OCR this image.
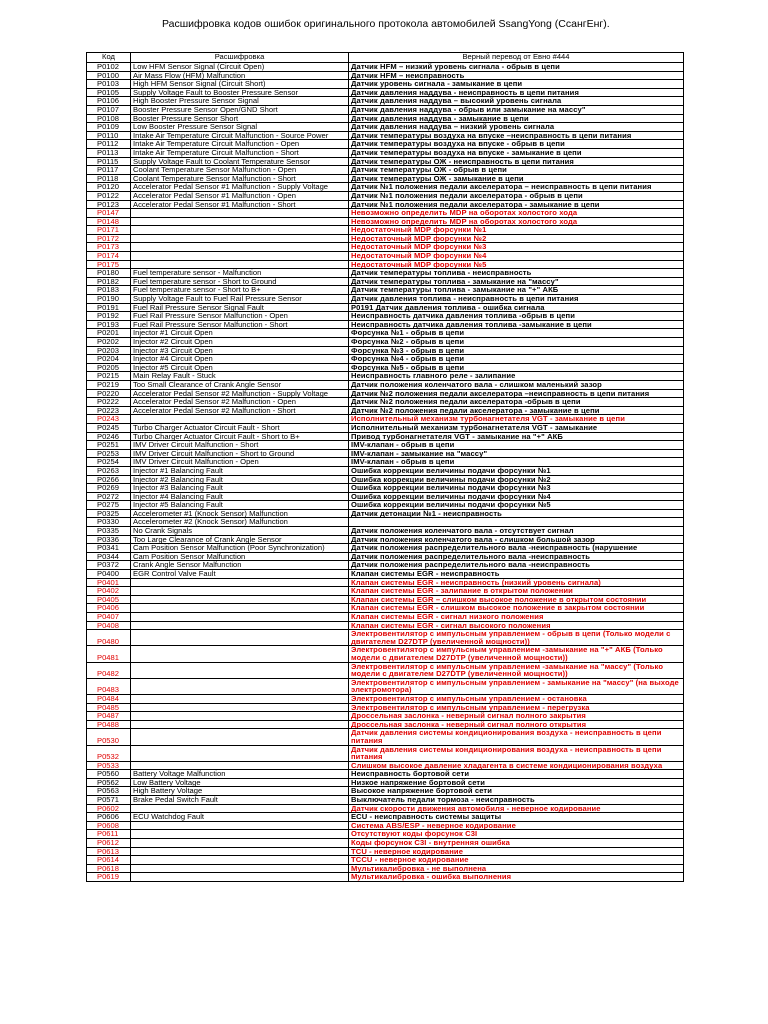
Расшифровка кодов ошибок оригинального протокола автомобилей SsangYong (СсангЕнг).
Код	Расшифровка	Верный перевод от Евно #444
P0102	Low HFM Sensor Signal (Circuit Open)	Датчик HFM – низкий уровень сигнала - обрыв в цепи
P0100	Air Mass Flow (HFM) Malfunction	Датчик HFM – неисправность
P0103	High HFM Sensor Signal (Circuit Short)	Датчик уровень сигнала - замыкание в цепи
P0105	Supply Voltage Fault to Booster Pressure Sensor	Датчик давления наддува - неисправность в цепи питания
P0106	High Booster Pressure Sensor Signal	Датчик давления наддува – высокий уровень сигнала
P0107	Booster Pressure Sensor Open/GND Short	Датчик давления наддува - обрыв или замыкание на массу"
P0108	Booster Pressure Sensor Short	Датчик давления наддува - замыкание в цепи
P0109	Low Booster Pressure Sensor Signal	Датчик давления наддува – низкий уровень сигнала
P0110	Intake Air Temperature Circuit Malfunction - Source Power	Датчик температуры воздуха на впуске –неисправность в цепи питания
P0112	Intake Air Temperature Circuit Malfunction - Open	Датчик температуры воздуха на впуске - обрыв в цепи
P0113	Intake Air Temperature Circuit Malfunction - Short	Датчик температуры воздуха на впуске - замыкание в цепи
P0115	Supply Voltage Fault to Coolant Temperature Sensor	Датчик температуры ОЖ - неисправность в цепи питания
P0117	Coolant Temperature Sensor Malfunction - Open	Датчик температуры ОЖ - обрыв в цепи
P0118	Coolant Temperature Sensor Malfunction - Short	Датчик температуры ОЖ - замыкание в цепи
P0120	Accelerator Pedal Sensor #1 Malfunction - Supply Voltage	Датчик №1 положения педали акселератора – неисправность в цепи питания
P0122	Accelerator Pedal Sensor #1 Malfunction - Open	Датчик №1 положения педали акселератора - обрыв в цепи
P0123	Accelerator Pedal Sensor #1 Malfunction - Short	Датчик №1 положения педали акселератора - замыкание в цепи
P0147		Невозможно определить MDP на оборотах холостого хода
P0148		Невозможно определить MDP на оборотах холостого хода
P0171		Недостаточный MDP форсунки №1
P0172		Недостаточный MDP форсунки №2
P0173		Недостаточный MDP форсунки №3
P0174		Недостаточный MDP форсунки №4
P0175		Недостаточный MDP форсунки №5
P0180	Fuel temperature sensor - Malfunction	Датчик температуры топлива - неисправность
P0182	Fuel temperature sensor - Short to Ground	Датчик температуры топлива - замыкание на "массу"
P0183	Fuel temperature sensor - Short to B+	Датчик температуры топлива - замыкание на "+" АКБ
P0190	Supply Voltage Fault to Fuel Rail Pressure Sensor	Датчик давления топлива - неисправность в цепи питания
P0191	Fuel Rail Pressure Sensor Signal Fault	P0191 Датчик давления топлива - ошибка сигнала
P0192	Fuel Rail Pressure Sensor Malfunction - Open	Неисправность датчика давления топлива -обрыв в цепи
P0193	Fuel Rail Pressure Sensor Malfunction - Short	Неисправность датчика давления топлива -замыкание в цепи
P0201	Injector #1 Circuit Open	Форсунка №1 - обрыв в цепи
P0202	Injector #2 Circuit Open	Форсунка №2 - обрыв в цепи
P0203	Injector #3 Circuit Open	Форсунка №3 - обрыв в цепи
P0204	Injector #4 Circuit Open	Форсунка №4 - обрыв в цепи
P0205	Injector #5 Circuit Open	Форсунка №5 - обрыв в цепи
P0215	Main Relay Fault - Stuck	Неисправность главного реле - залипание
P0219	Too Small Clearance of Crank Angle Sensor	Датчик положения коленчатого вала - слишком маленький зазор
P0220	Accelerator Pedal Sensor #2 Malfunction - Supply Voltage	Датчик №2 положения педали акселератора –неисправность в цепи питания
P0222	Accelerator Pedal Sensor #2 Malfunction - Open	Датчик №2 положения педали акселератора -обрыв в цепи
P0223	Accelerator Pedal Sensor #2 Malfunction - Short	Датчик №2 положения педали акселератора - замыкание в цепи
P0243		Исполнительный механизм турбонагнетателя VGT - замыкание в цепи
P0245	Turbo Charger Actuator Circuit Fault - Short	Исполнительный механизм турбонагнетателя VGT - замыкание
P0246	Turbo Charger Actuator Circuit Fault - Short to B+	Привод турбонагнетателя VGT - замыкание на "+" АКБ
P0251	IMV Driver Circuit Malfunction - Short	IMV-клапан - обрыв в цепи
P0253	IMV Driver Circuit Malfunction - Short to Ground	IMV-клапан - замыкание на "массу"
P0254	IMV Driver Circuit Malfunction - Open	IMV-клапан - обрыв в цепи
P0263	Injector #1 Balancing Fault	Ошибка коррекции величины подачи форсунки №1
P0266	Injector #2 Balancing Fault	Ошибка коррекции величины подачи форсунки №2
P0269	Injector #3 Balancing Fault	Ошибка коррекции величины подачи форсунки №3
P0272	Injector #4 Balancing Fault	Ошибка коррекции величины подачи форсунки №4
P0275	Injector #5 Balancing Fault	Ошибка коррекции величины подачи форсунки №5
P0325	Accelerometer #1 (Knock Sensor) Malfunction	Датчик детонации №1 - неисправность
P0330	Accelerometer #2 (Knock Sensor) Malfunction	
P0335	No Crank Signals	Датчик положения коленчатого вала - отсутствует сигнал
P0336	Too Large Clearance of Crank Angle Sensor	Датчик положения коленчатого вала - слишком большой зазор
P0341	Cam Position Sensor Malfunction (Poor Synchronization)	Датчик положения распределительного вала -неисправность (нарушение
P0344	Cam Position Sensor Malfunction	Датчик положения распределительного вала -неисправность
P0372	Crank Angle Sensor Malfunction	Датчик положения распределительного вала -неисправность
P0400	EGR Control Valve Fault	Клапан системы EGR - неисправность
P0401		Клапан системы EGR - неисправность (низкий уровень сигнала)
P0402		Клапан системы EGR - залипание в открытом положении
P0405		Клапан системы EGR – слишком высокое положение в открытом состоянии
P0406		Клапан системы EGR - слишком высокое положение в закрытом состоянии
P0407		Клапан системы EGR - сигнал низкого положения
P0408		Клапан системы EGR - сигнал высокого положения
P0480		Электровентилятор с импульсным управлением - обрыв в цепи (Только модели с двигателем D27DTP (увеличенной мощности))
P0481		Электровентилятор с импульсным управлением -замыкание на "+" АКБ (Только модели с двигателем D27DTP (увеличенной мощности))
P0482		Электровентилятор с импульсным управлением -замыкание на "массу" (Только модели с двигателем D27DTP (увеличенной мощности))
P0483		Электровентилятор с импульсным управлением - замыкание на "массу" (на выходе электромотора)
P0484		Электровентилятор с импульсным управлением - остановка
P0485		Электровентилятор с импульсным управлением - перегрузка
P0487		Дроссельная заслонка - неверный сигнал полного закрытия
P0488		Дроссельная заслонка - неверный сигнал полного открытия
P0530		Датчик давления системы кондиционирования воздуха - неисправность в цепи питания
P0532		Датчик давления системы кондиционирования воздуха - неисправность в цепи питания
P0533		Слишком высокое давление хладагента в системе кондиционирования воздуха
P0560	Battery Voltage Malfunction	Неисправность бортовой сети
P0562	Low Battery Voltage	Низкое напряжение бортовой сети
P0563	High Battery Voltage	Высокое напряжение бортовой сети
P0571	Brake Pedal Switch Fault	Выключатель педали тормоза - неисправность
P0602		Датчик скорости движения автомобиля - неверное кодирование
P0606	ECU Watchdog Fault	ECU - неисправность системы защиты
P0608		Система ABS/ESP - неверное кодирование
P0611		Отсутствуют коды форсунок C3I
P0612		Коды форсунок C3I - внутренняя ошибка
P0613		TCU - неверное кодирование
P0614		TCCU - неверное кодирование
P0618		Мультикалибровка - не выполнена
P0619		Мультикалибровка - ошибка выполнения
